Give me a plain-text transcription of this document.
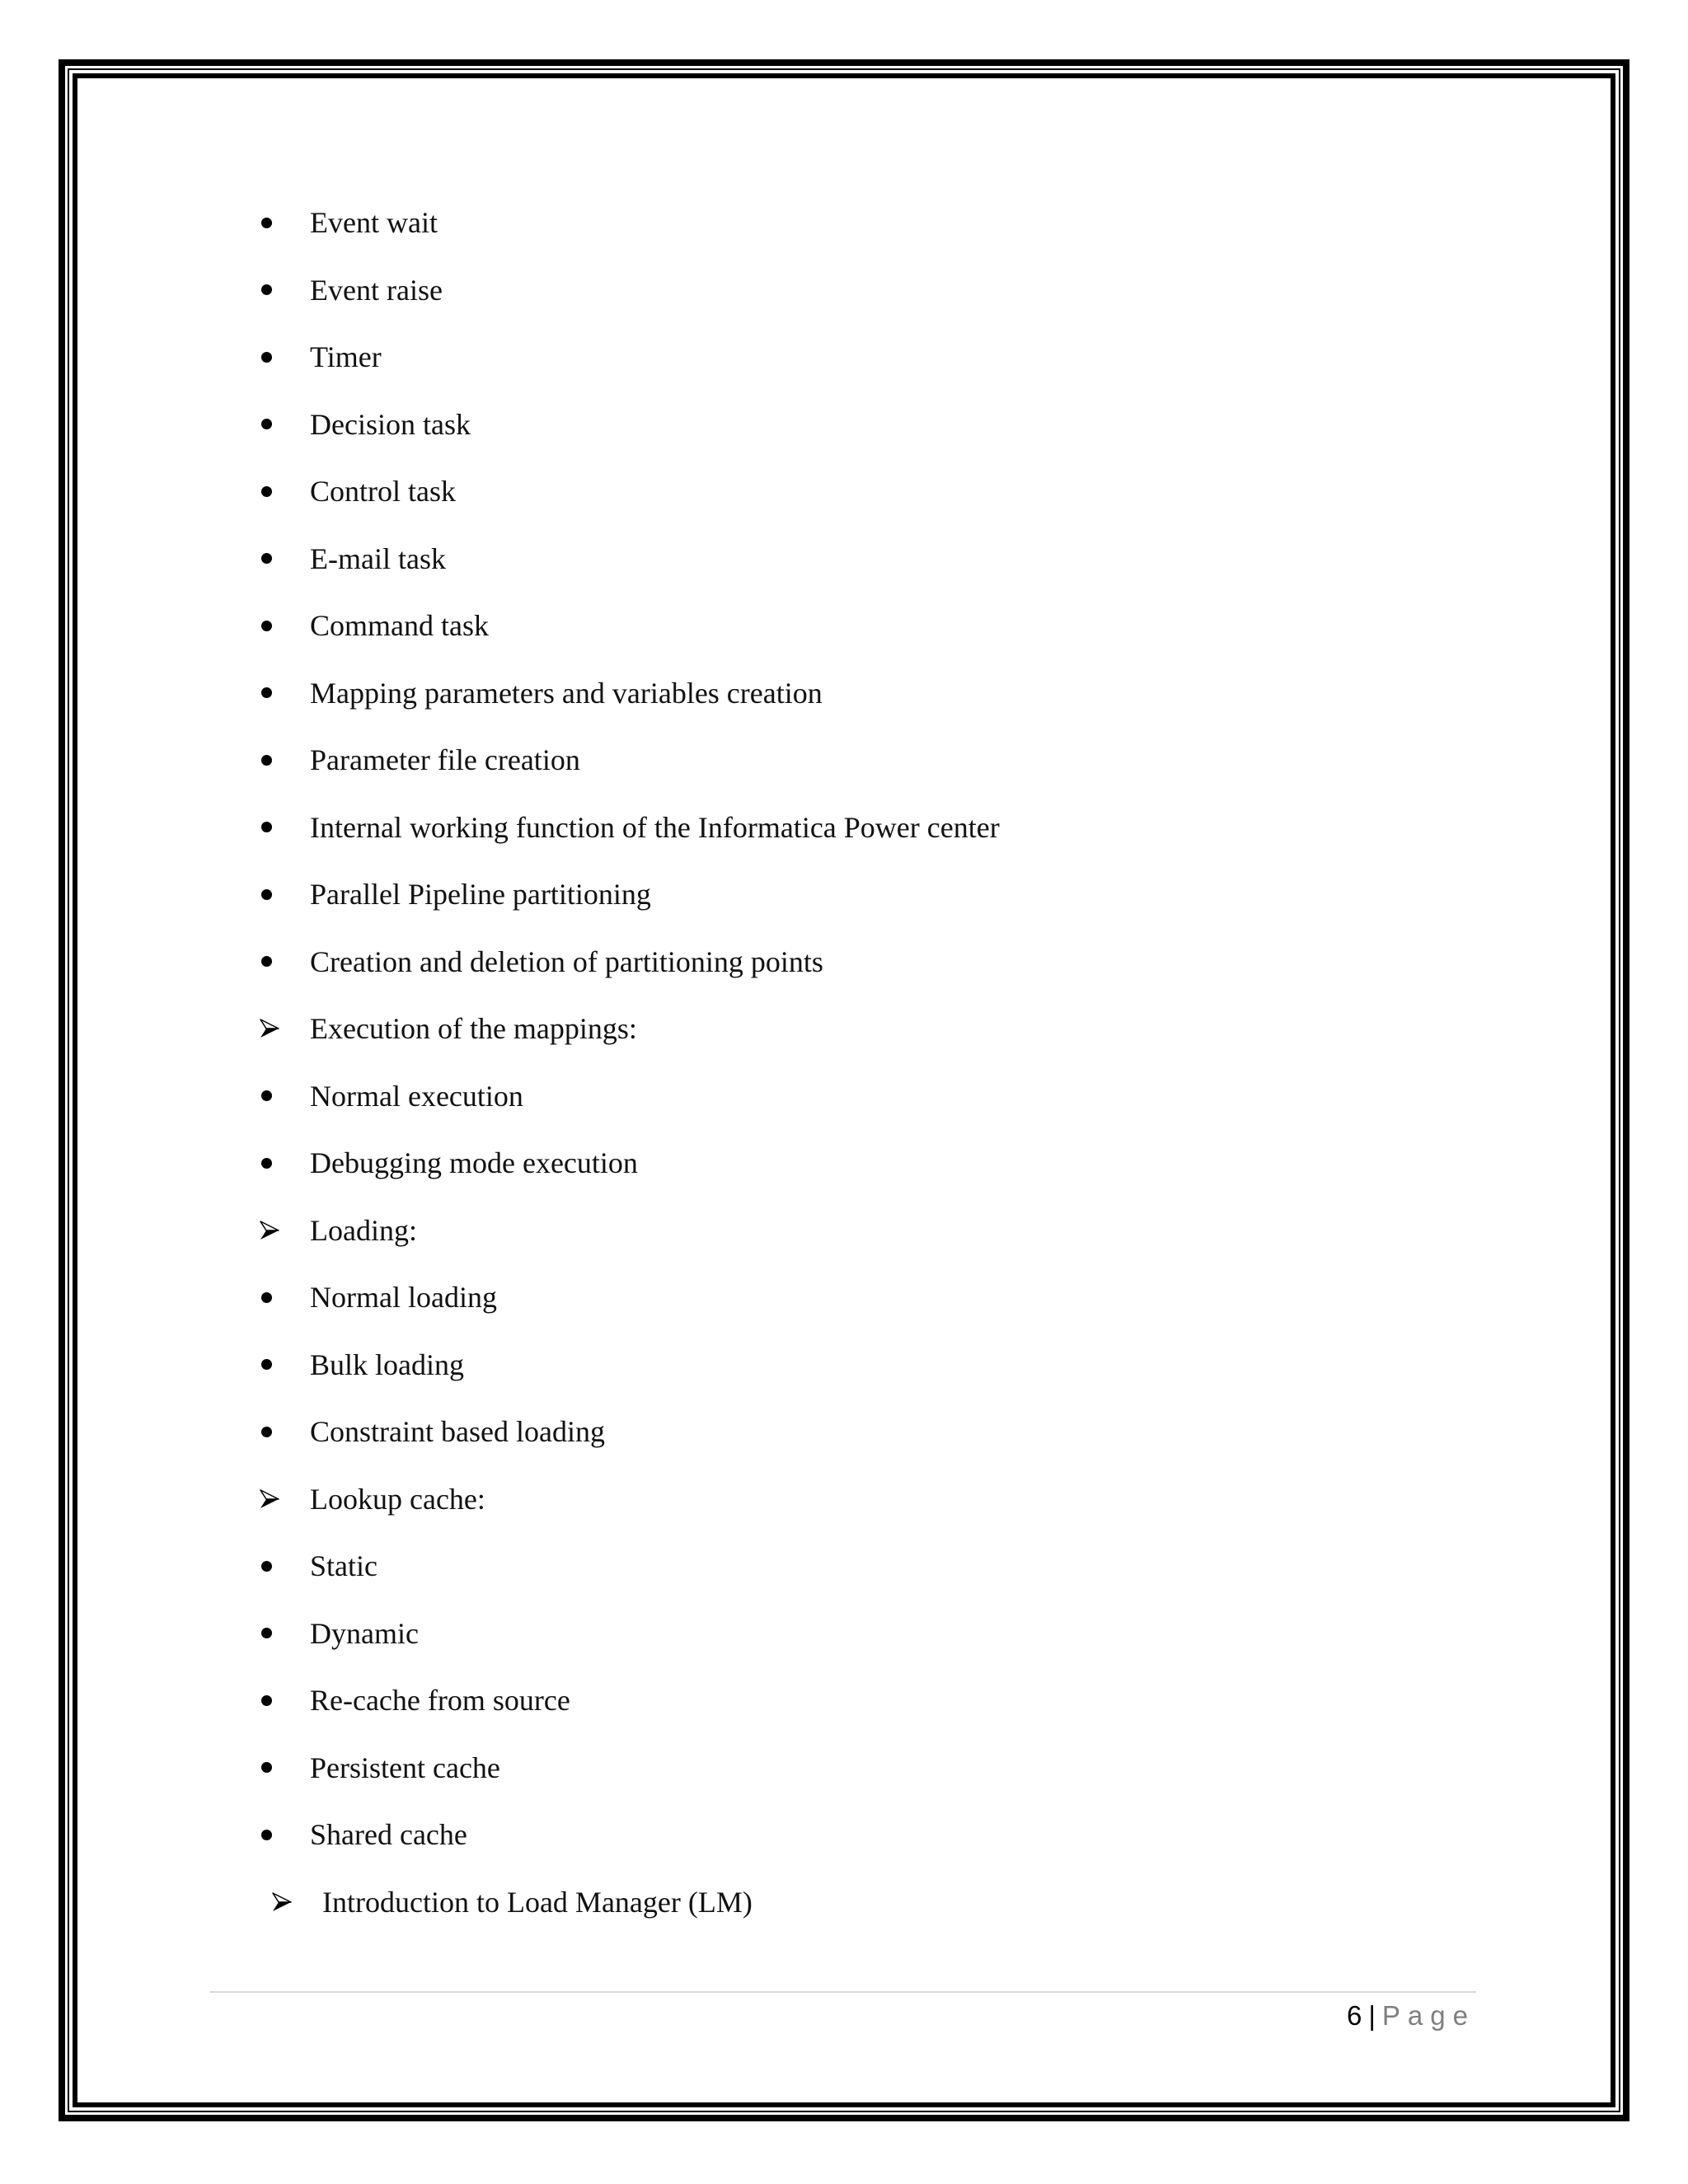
Event wait
Event raise
Timer
Decision task
Control task
E-mail task
Command task
Mapping parameters and variables creation
Parameter file creation
Internal working function of the Informatica Power center
Parallel Pipeline partitioning
Creation and deletion of partitioning points
Execution of the mappings:
Normal execution
Debugging mode execution
Loading:
Normal loading
Bulk loading
Constraint based loading
Lookup cache:
Static
Dynamic
Re-cache from source
Persistent cache
Shared cache
Introduction to Load Manager (LM)
6 | Page
